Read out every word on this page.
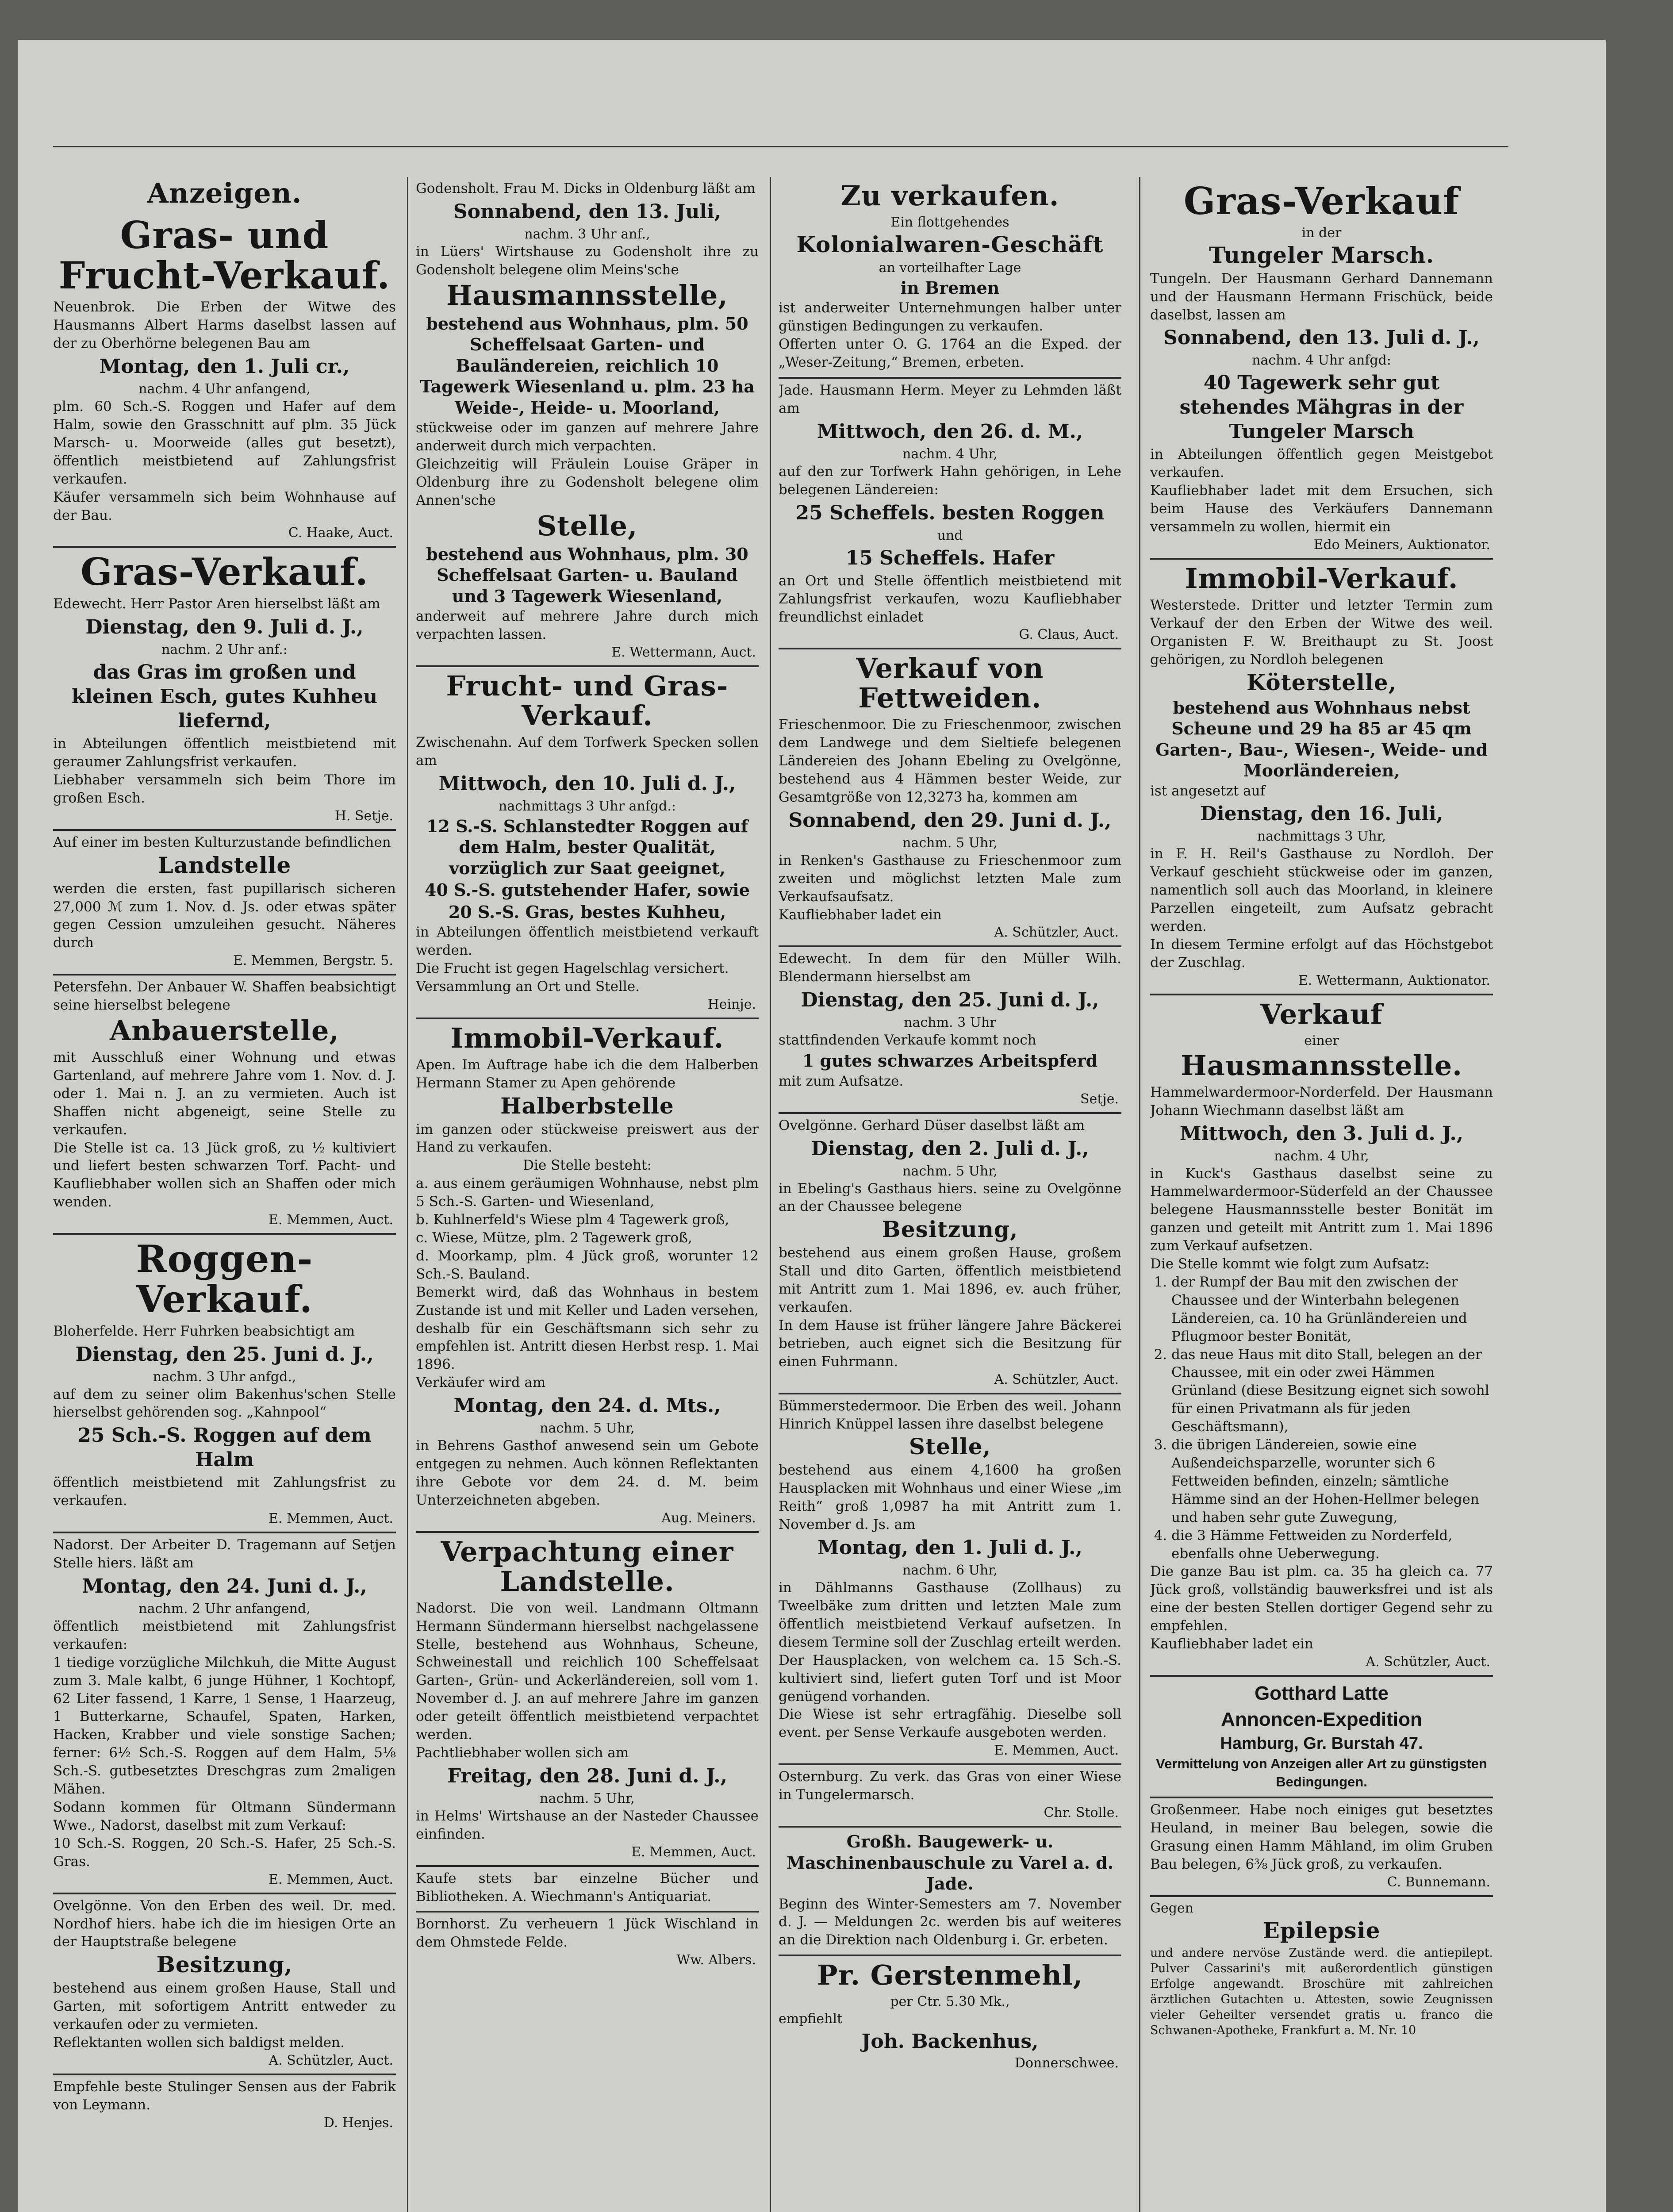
Anzeigen.
Gras- und Frucht-Verkauf.

Neuenbrok. Die Erben der Witwe des Hausmanns Albert Harms daselbst lassen auf der zu Oberhörne belegenen Bau am

Montag, den 1. Juli cr.,
nachm. 4 Uhr anfangend,

plm. 60 Sch.-S. Roggen und Hafer auf dem Halm, sowie den Grasschnitt auf plm. 35 Jück Marsch- u. Moorweide (alles gut besetzt), öffentlich meistbietend auf Zahlungsfrist verkaufen.

Käufer versammeln sich beim Wohnhause auf der Bau.

C. Haake, Auct.
Gras-Verkauf.

Edewecht. Herr Pastor Aren hierselbst läßt am

Dienstag, den 9. Juli d. J.,
nachm. 2 Uhr anf.:
das Gras im großen und kleinen Esch, gutes Kuhheu liefernd,

in Abteilungen öffentlich meistbietend mit geraumer Zahlungsfrist verkaufen.

Liebhaber versammeln sich beim Thore im großen Esch.

H. Setje.

Auf einer im besten Kulturzustande befindlichen

Landstelle

werden die ersten, fast pupillarisch sicheren 27,000 ℳ zum 1. Nov. d. Js. oder etwas später gegen Cession umzuleihen gesucht. Näheres durch

E. Memmen, Bergstr. 5.

Petersfehn. Der Anbauer W. Shaffen beabsichtigt seine hierselbst belegene

Anbauerstelle,

mit Ausschluß einer Wohnung und etwas Gartenland, auf mehrere Jahre vom 1. Nov. d. J. oder 1. Mai n. J. an zu vermieten. Auch ist Shaffen nicht abgeneigt, seine Stelle zu verkaufen.

Die Stelle ist ca. 13 Jück groß, zu ½ kultiviert und liefert besten schwarzen Torf. Pacht- und Kaufliebhaber wollen sich an Shaffen oder mich wenden.

E. Memmen, Auct.
Roggen-Verkauf.

Bloherfelde. Herr Fuhrken beabsichtigt am

Dienstag, den 25. Juni d. J.,
nachm. 3 Uhr anfgd.,

auf dem zu seiner olim Bakenhus'schen Stelle hierselbst gehörenden sog. „Kahnpool“

25 Sch.-S. Roggen auf dem Halm

öffentlich meistbietend mit Zahlungsfrist zu verkaufen.

E. Memmen, Auct.

Nadorst. Der Arbeiter D. Tragemann auf Setjen Stelle hiers. läßt am

Montag, den 24. Juni d. J.,
nachm. 2 Uhr anfangend,

öffentlich meistbietend mit Zahlungsfrist verkaufen:

1 tiedige vorzügliche Milchkuh, die Mitte August zum 3. Male kalbt, 6 junge Hühner, 1 Kochtopf, 62 Liter fassend, 1 Karre, 1 Sense, 1 Haarzeug, 1 Butterkarne, Schaufel, Spaten, Harken, Hacken, Krabber und viele sonstige Sachen; ferner: 6½ Sch.-S. Roggen auf dem Halm, 5⅛ Sch.-S. gutbesetztes Dreschgras zum 2maligen Mähen.

Sodann kommen für Oltmann Sündermann Wwe., Nadorst, daselbst mit zum Verkauf:

10 Sch.-S. Roggen, 20 Sch.-S. Hafer, 25 Sch.-S. Gras.

E. Memmen, Auct.

Ovelgönne. Von den Erben des weil. Dr. med. Nordhof hiers. habe ich die im hiesigen Orte an der Hauptstraße belegene

Besitzung,

bestehend aus einem großen Hause, Stall und Garten, mit sofortigem Antritt entweder zu verkaufen oder zu vermieten.

Reflektanten wollen sich baldigst melden.

A. Schützler, Auct.

Empfehle beste Stulinger Sensen aus der Fabrik von Leymann.

D. Henjes.

Godensholt. Frau M. Dicks in Oldenburg läßt am

Sonnabend, den 13. Juli,
nachm. 3 Uhr anf.,

in Lüers' Wirtshause zu Godensholt ihre zu Godensholt belegene olim Meins'sche

Hausmannsstelle,
bestehend aus Wohnhaus, plm. 50 Scheffelsaat Garten- und Bauländereien, reichlich 10 Tagewerk Wiesenland u. plm. 23 ha Weide-, Heide- u. Moorland,

stückweise oder im ganzen auf mehrere Jahre anderweit durch mich verpachten.

Gleichzeitig will Fräulein Louise Gräper in Oldenburg ihre zu Godensholt belegene olim Annen'sche

Stelle,
bestehend aus Wohnhaus, plm. 30 Scheffelsaat Garten- u. Bauland und 3 Tagewerk Wiesenland,

anderweit auf mehrere Jahre durch mich verpachten lassen.

E. Wettermann, Auct.
Frucht- und Gras-Verkauf.

Zwischenahn. Auf dem Torfwerk Specken sollen am

Mittwoch, den 10. Juli d. J.,
nachmittags 3 Uhr anfgd.:
12 S.-S. Schlanstedter Roggen auf dem Halm, bester Qualität, vorzüglich zur Saat geeignet,
40 S.-S. gutstehender Hafer, sowie
20 S.-S. Gras, bestes Kuhheu,

in Abteilungen öffentlich meistbietend verkauft werden.

Die Frucht ist gegen Hagelschlag versichert.

Versammlung an Ort und Stelle.

Heinje.
Immobil-Verkauf.

Apen. Im Auftrage habe ich die dem Halberben Hermann Stamer zu Apen gehörende

Halberbstelle

im ganzen oder stückweise preiswert aus der Hand zu verkaufen.

Die Stelle besteht:

a. aus einem geräumigen Wohnhause, nebst plm 5 Sch.-S. Garten- und Wiesenland,

b. Kuhlnerfeld's Wiese plm 4 Tagewerk groß,

c. Wiese, Mütze, plm. 2 Tagewerk groß,

d. Moorkamp, plm. 4 Jück groß, worunter 12 Sch.-S. Bauland.

Bemerkt wird, daß das Wohnhaus in bestem Zustande ist und mit Keller und Laden versehen, deshalb für ein Geschäftsmann sich sehr zu empfehlen ist. Antritt diesen Herbst resp. 1. Mai 1896.

Verkäufer wird am

Montag, den 24. d. Mts.,
nachm. 5 Uhr,

in Behrens Gasthof anwesend sein um Gebote entgegen zu nehmen. Auch können Reflektanten ihre Gebote vor dem 24. d. M. beim Unterzeichneten abgeben.

Aug. Meiners.
Verpachtung einer Landstelle.

Nadorst. Die von weil. Landmann Oltmann Hermann Sündermann hierselbst nachgelassene Stelle, bestehend aus Wohnhaus, Scheune, Schweinestall und reichlich 100 Scheffelsaat Garten-, Grün- und Ackerländereien, soll vom 1. November d. J. an auf mehrere Jahre im ganzen oder geteilt öffentlich meistbietend verpachtet werden.

Pachtliebhaber wollen sich am

Freitag, den 28. Juni d. J.,
nachm. 5 Uhr,

in Helms' Wirtshause an der Nasteder Chaussee einfinden.

E. Memmen, Auct.

Kaufe stets bar einzelne Bücher und Bibliotheken. A. Wiechmann's Antiquariat.

Bornhorst. Zu verheuern 1 Jück Wischland in dem Ohmstede Felde.

Ww. Albers.
Zu verkaufen.
Ein flottgehendes
Kolonialwaren-Geschäft
an vorteilhafter Lage
in Bremen

ist anderweiter Unternehmungen halber unter günstigen Bedingungen zu verkaufen.

Offerten unter O. G. 1764 an die Exped. der „Weser-Zeitung,“ Bremen, erbeten.

Jade. Hausmann Herm. Meyer zu Lehmden läßt am

Mittwoch, den 26. d. M.,
nachm. 4 Uhr,

auf den zur Torfwerk Hahn gehörigen, in Lehe belegenen Ländereien:

25 Scheffels. besten Roggen
und
15 Scheffels. Hafer

an Ort und Stelle öffentlich meistbietend mit Zahlungsfrist verkaufen, wozu Kaufliebhaber freundlichst einladet

G. Claus, Auct.
Verkauf von Fettweiden.

Frieschenmoor. Die zu Frieschenmoor, zwischen dem Landwege und dem Sieltiefe belegenen Ländereien des Johann Ebeling zu Ovelgönne, bestehend aus 4 Hämmen bester Weide, zur Gesamtgröße von 12,3273 ha, kommen am

Sonnabend, den 29. Juni d. J.,
nachm. 5 Uhr,

in Renken's Gasthause zu Frieschenmoor zum zweiten und möglichst letzten Male zum Verkaufsaufsatz.

Kaufliebhaber ladet ein

A. Schützler, Auct.

Edewecht. In dem für den Müller Wilh. Blendermann hierselbst am

Dienstag, den 25. Juni d. J.,
nachm. 3 Uhr

stattfindenden Verkaufe kommt noch

1 gutes schwarzes Arbeitspferd

mit zum Aufsatze.

Setje.

Ovelgönne. Gerhard Düser daselbst läßt am

Dienstag, den 2. Juli d. J.,
nachm. 5 Uhr,

in Ebeling's Gasthaus hiers. seine zu Ovelgönne an der Chaussee belegene

Besitzung,

bestehend aus einem großen Hause, großem Stall und dito Garten, öffentlich meistbietend mit Antritt zum 1. Mai 1896, ev. auch früher, verkaufen.

In dem Hause ist früher längere Jahre Bäckerei betrieben, auch eignet sich die Besitzung für einen Fuhrmann.

A. Schützler, Auct.

Bümmerstedermoor. Die Erben des weil. Johann Hinrich Knüppel lassen ihre daselbst belegene

Stelle,

bestehend aus einem 4,1600 ha großen Hausplacken mit Wohnhaus und einer Wiese „im Reith“ groß 1,0987 ha mit Antritt zum 1. November d. Js. am

Montag, den 1. Juli d. J.,
nachm. 6 Uhr,

in Dählmanns Gasthause (Zollhaus) zu Tweelbäke zum dritten und letzten Male zum öffentlich meistbietend Verkauf aufsetzen. In diesem Termine soll der Zuschlag erteilt werden. Der Hausplacken, von welchem ca. 15 Sch.-S. kultiviert sind, liefert guten Torf und ist Moor genügend vorhanden.

Die Wiese ist sehr ertragfähig. Dieselbe soll event. per Sense Verkaufe ausgeboten werden.

E. Memmen, Auct.

Osternburg. Zu verk. das Gras von einer Wiese in Tungelermarsch.

Chr. Stolle.
Großh. Baugewerk- u. Maschinenbauschule zu Varel a. d. Jade.

Beginn des Winter-Semesters am 7. November d. J. — Meldungen 2c. werden bis auf weiteres an die Direktion nach Oldenburg i. Gr. erbeten.

Pr. Gerstenmehl,
per Ctr. 5.30 Mk.,
empfiehlt
Joh. Backenhus,
Donnerschwee.
Gras-Verkauf
in der
Tungeler Marsch.

Tungeln. Der Hausmann Gerhard Dannemann und der Hausmann Hermann Frischück, beide daselbst, lassen am

Sonnabend, den 13. Juli d. J.,
nachm. 4 Uhr anfgd:
40 Tagewerk sehr gut stehendes Mähgras in der Tungeler Marsch

in Abteilungen öffentlich gegen Meistgebot verkaufen.

Kaufliebhaber ladet mit dem Ersuchen, sich beim Hause des Verkäufers Dannemann versammeln zu wollen, hiermit ein

Edo Meiners, Auktionator.
Immobil-Verkauf.

Westerstede. Dritter und letzter Termin zum Verkauf der den Erben der Witwe des weil. Organisten F. W. Breithaupt zu St. Joost gehörigen, zu Nordloh belegenen

Köterstelle,
bestehend aus Wohnhaus nebst Scheune und 29 ha 85 ar 45 qm Garten-, Bau-, Wiesen-, Weide- und Moorländereien,

ist angesetzt auf

Dienstag, den 16. Juli,
nachmittags 3 Uhr,

in F. H. Reil's Gasthause zu Nordloh. Der Verkauf geschieht stückweise oder im ganzen, namentlich soll auch das Moorland, in kleinere Parzellen eingeteilt, zum Aufsatz gebracht werden.

In diesem Termine erfolgt auf das Höchstgebot der Zuschlag.

E. Wettermann, Auktionator.
Verkauf
einer
Hausmannsstelle.

Hammelwardermoor-Norderfeld. Der Hausmann Johann Wiechmann daselbst läßt am

Mittwoch, den 3. Juli d. J.,
nachm. 4 Uhr,

in Kuck's Gasthaus daselbst seine zu Hammelwardermoor-Süderfeld an der Chaussee belegene Hausmannsstelle bester Bonität im ganzen und geteilt mit Antritt zum 1. Mai 1896 zum Verkauf aufsetzen.

Die Stelle kommt wie folgt zum Aufsatz:

1. der Rumpf der Bau mit den zwischen der Chaussee und der Winterbahn belegenen Ländereien, ca. 10 ha Grünländereien und Pflugmoor bester Bonität,
2. das neue Haus mit dito Stall, belegen an der Chaussee, mit ein oder zwei Hämmen Grünland (diese Besitzung eignet sich sowohl für einen Privatmann als für jeden Geschäftsmann),
3. die übrigen Ländereien, sowie eine Außendeichsparzelle, worunter sich 6 Fettweiden befinden, einzeln; sämtliche Hämme sind an der Hohen-Hellmer belegen und haben sehr gute Zuwegung,
4. die 3 Hämme Fettweiden zu Norderfeld, ebenfalls ohne Ueberwegung.

Die ganze Bau ist plm. ca. 35 ha gleich ca. 77 Jück groß, vollständig bauwerksfrei und ist als eine der besten Stellen dortiger Gegend sehr zu empfehlen.

Kaufliebhaber ladet ein

A. Schützler, Auct.
Gotthard Latte
Annoncen-Expedition
Hamburg, Gr. Burstah 47.

Vermittelung von Anzeigen aller Art zu günstigsten Bedingungen.

Großenmeer. Habe noch einiges gut besetztes Heuland, in meiner Bau belegen, sowie die Grasung einen Hamm Mähland, im olim Gruben Bau belegen, 6⅜ Jück groß, zu verkaufen.

C. Bunnemann.
Gegen
Epilepsie

und andere nervöse Zustände werd. die antiepilept. Pulver Cassarini's mit außerordentlich günstigen Erfolge angewandt. Broschüre mit zahlreichen ärztlichen Gutachten u. Attesten, sowie Zeugnissen vieler Geheilter versendet gratis u. franco die Schwanen-Apotheke, Frankfurt a. M. Nr. 10
